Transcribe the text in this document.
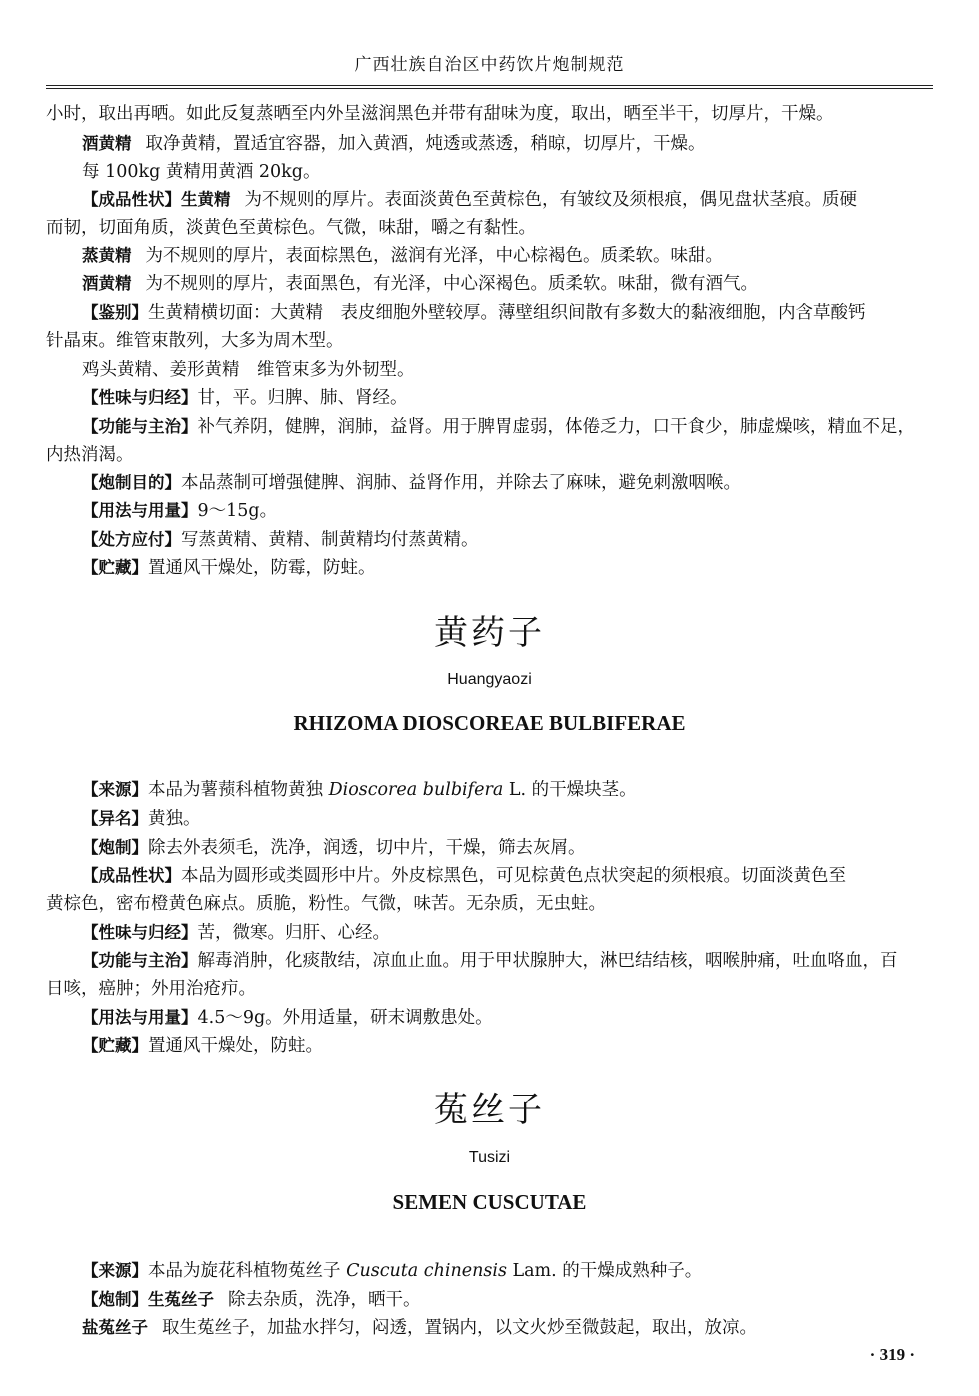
广西壮族自治区中药饮片炮制规范
小时，取出再晒。如此反复蒸晒至内外呈滋润黑色并带有甜味为度，取出，晒至半干，切厚片，干燥。
酒黄精 取净黄精，置适宜容器，加入黄酒，炖透或蒸透，稍晾，切厚片，干燥。
每 100kg 黄精用黄酒 20kg。
【成品性状】生黄精 为不规则的厚片。表面淡黄色至黄棕色，有皱纹及须根痕，偶见盘状茎痕。质硬
而韧，切面角质，淡黄色至黄棕色。气微，味甜，嚼之有黏性。
蒸黄精 为不规则的厚片，表面棕黑色，滋润有光泽，中心棕褐色。质柔软。味甜。
酒黄精 为不规则的厚片，表面黑色，有光泽，中心深褐色。质柔软。味甜，微有酒气。
【鉴别】生黄精横切面：大黄精　表皮细胞外壁较厚。薄壁组织间散有多数大的黏液细胞，内含草酸钙
针晶束。维管束散列，大多为周木型。
鸡头黄精、姜形黄精　维管束多为外韧型。
【性味与归经】甘，平。归脾、肺、肾经。
【功能与主治】补气养阴，健脾，润肺，益肾。用于脾胃虚弱，体倦乏力，口干食少，肺虚燥咳，精血不足，
内热消渴。
【炮制目的】本品蒸制可增强健脾、润肺、益肾作用，并除去了麻味，避免刺激咽喉。
【用法与用量】9～15g。
【处方应付】写蒸黄精、黄精、制黄精均付蒸黄精。
【贮藏】置通风干燥处，防霉，防蛀。
黄药子
Huangyaozi
RHIZOMA DIOSCOREAE BULBIFERAE
【来源】本品为薯蓣科植物黄独 Dioscorea bulbifera L. 的干燥块茎。
【异名】黄独。
【炮制】除去外表须毛，洗净，润透，切中片，干燥，筛去灰屑。
【成品性状】本品为圆形或类圆形中片。外皮棕黑色，可见棕黄色点状突起的须根痕。切面淡黄色至
黄棕色，密布橙黄色麻点。质脆，粉性。气微，味苦。无杂质，无虫蛀。
【性味与归经】苦，微寒。归肝、心经。
【功能与主治】解毒消肿，化痰散结，凉血止血。用于甲状腺肿大，淋巴结结核，咽喉肿痛，吐血咯血，百
日咳，癌肿；外用治疮疖。
【用法与用量】4.5～9g。外用适量，研末调敷患处。
【贮藏】置通风干燥处，防蛀。
菟丝子
Tusizi
SEMEN CUSCUTAE
【来源】本品为旋花科植物菟丝子 Cuscuta chinensis Lam. 的干燥成熟种子。
【炮制】生菟丝子 除去杂质，洗净，晒干。
盐菟丝子 取生菟丝子，加盐水拌匀，闷透，置锅内，以文火炒至微鼓起，取出，放凉。
· 319 ·
